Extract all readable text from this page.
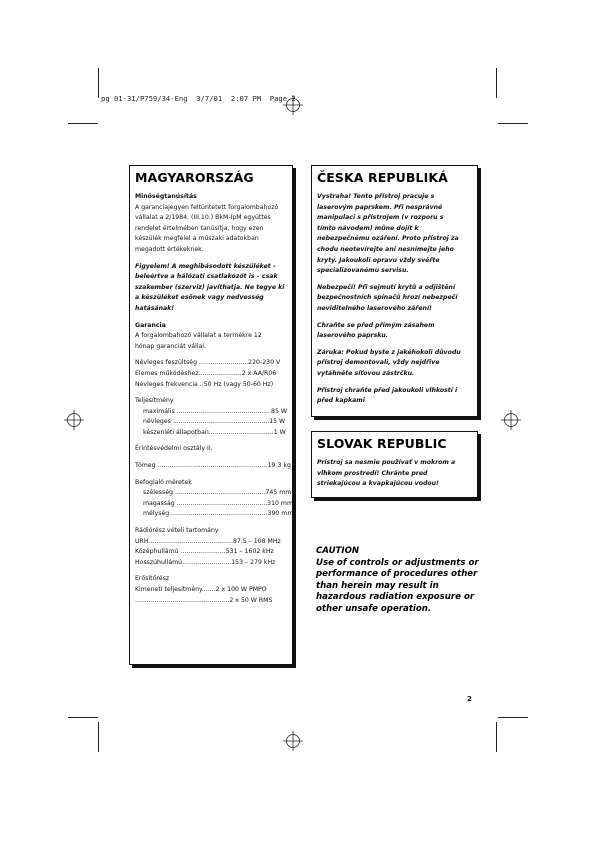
pg 01-31/P759/34-Eng  3/7/01  2:07 PM  Page 2
MAGYARORSZÁG
Minőségtanúsítás
A garanciajegyen feltüntetett forgalombahozó
vállalat a 2/1984. (III.10.) BkM-IpM együttes
rendelet értelmében tanúsítja, hogy ezen
készülék megfelel a műszaki adatokban
megadott értékeknek.
Figyelem! A meghibásodott készüléket –
beleértve a hálózati csatlakozót is – csak
szakember (szerviz) javíthatja. Ne tegye ki
a készüléket esőnek vagy nedvesség
hatásának!
Garancia
A forgalombahozó vállalat a termékre 12
hónap garanciát vállal.
Névleges feszültség .........................220-230 V
Elemes működéshez......................2 x AA/R06
Névleges frekvencia ..50 Hz (vagy 50-60 Hz)
Teljesítmény
maximális ................................................85 W
névleges .................................................15 W
készenléti állapotban.................................1 W
Érintésvédelmi osztály II.
Tömeg ........................................................19.3 kg
Befoglaló méretek
szélesség ..............................................745 mm
magasság ..............................................310 mm
mélység .................................................390 mm
Rádiórész vételi tartomány
URH...........................................87.5 – 108 MHz
Középhullámú .......................531 – 1602 kHz
Hosszúhullámú.........................153 – 279 kHz
Erősítőrész
Kimeneti teljesítmény.......2 x 100 W PMPO
................................................2 x 50 W RMS
ČESKA REPUBLIKÁ
Vystraha! Tento přístroj pracuje s
laserovým paprskem. Při nesprávné
manipulaci s přístrojem (v rozporu s
tímto návodem) můne dojít k
nebezpečnému ozáření. Proto přístroj za
chodu neotevírejte ani nesnímejte jeho
kryty. Jakoukoli opravu vždy svěřte
specializovanému servisu.
Nebezpečí! Při sejmutí krytů a odjištění
bezpečnostních spínačů hrozí nebezpečí
neviditelného laserového záření!
Chraňte se před přímým zásahem
laserového paprsku.
Záruka: Pokud byste z jakéhokoli důvodu
přístroj demontovali, vždy nejdřive
vytáhněte síťovou zástrčku.
Přístroj chraňte před jakoukoli vlhkostí i
před kapkami
SLOVAK REPUBLIC
Prístroj sa nesmie používať v mokrom a
vlhkom prostredí! Chránte pred
striekajúcou a kvapkajúcou vodou!
CAUTION
Use of controls or adjustments or
performance of procedures other
than herein may result in
hazardous radiation exposure or
other unsafe operation.
2
